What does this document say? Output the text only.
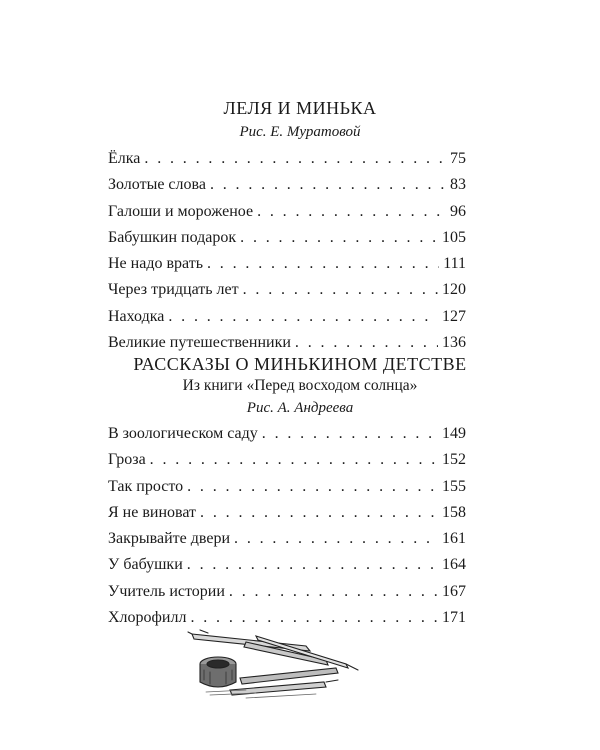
ЛЕЛЯ И МИНЬКА
Рис. Е. Муратовой
Ёлка . . .	75
Золотые слова . . .	83
Галоши и мороженое . . .	96
Бабушкин подарок . . .	105
Не надо врать . . .	111
Через тридцать лет . . .	120
Находка . . .	127
Великие путешественники . . .	136
РАССКАЗЫ О МИНЬКИНОМ ДЕТСТВЕ
Из книги «Перед восходом солнца»
Рис. А. Андреева
В зоологическом саду . . .	149
Гроза . . .	152
Так просто . . .	155
Я не виноват . . .	158
Закрывайте двери . . .	161
У бабушки . . .	164
Учитель истории . . .	167
Хлорофилл . . .	171
